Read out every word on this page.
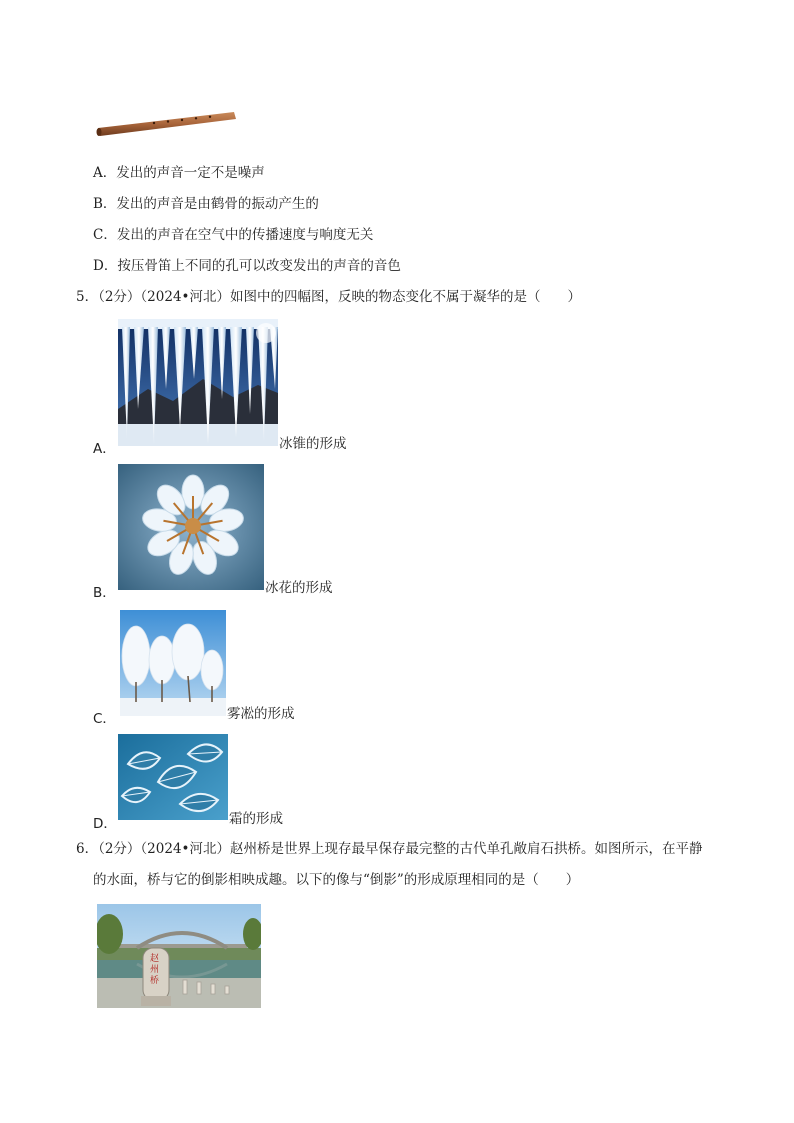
A．发出的声音一定不是噪声
B．发出的声音是由鹤骨的振动产生的
C．发出的声音在空气中的传播速度与响度无关
D．按压骨笛上不同的孔可以改变发出的声音的音色
5．（2分）（2024•河北）如图中的四幅图，反映的物态变化不属于凝华的是（　　）
A．	冰锥的形成
B．	冰花的形成
C．	雾凇的形成
D．	霜的形成
6．（2分）（2024•河北）赵州桥是世界上现存最早保存最完整的古代单孔敞肩石拱桥。如图所示，在平静
的水面，桥与它的倒影相映成趣。以下的像与“倒影”的形成原理相同的是（　　）
赵州桥
